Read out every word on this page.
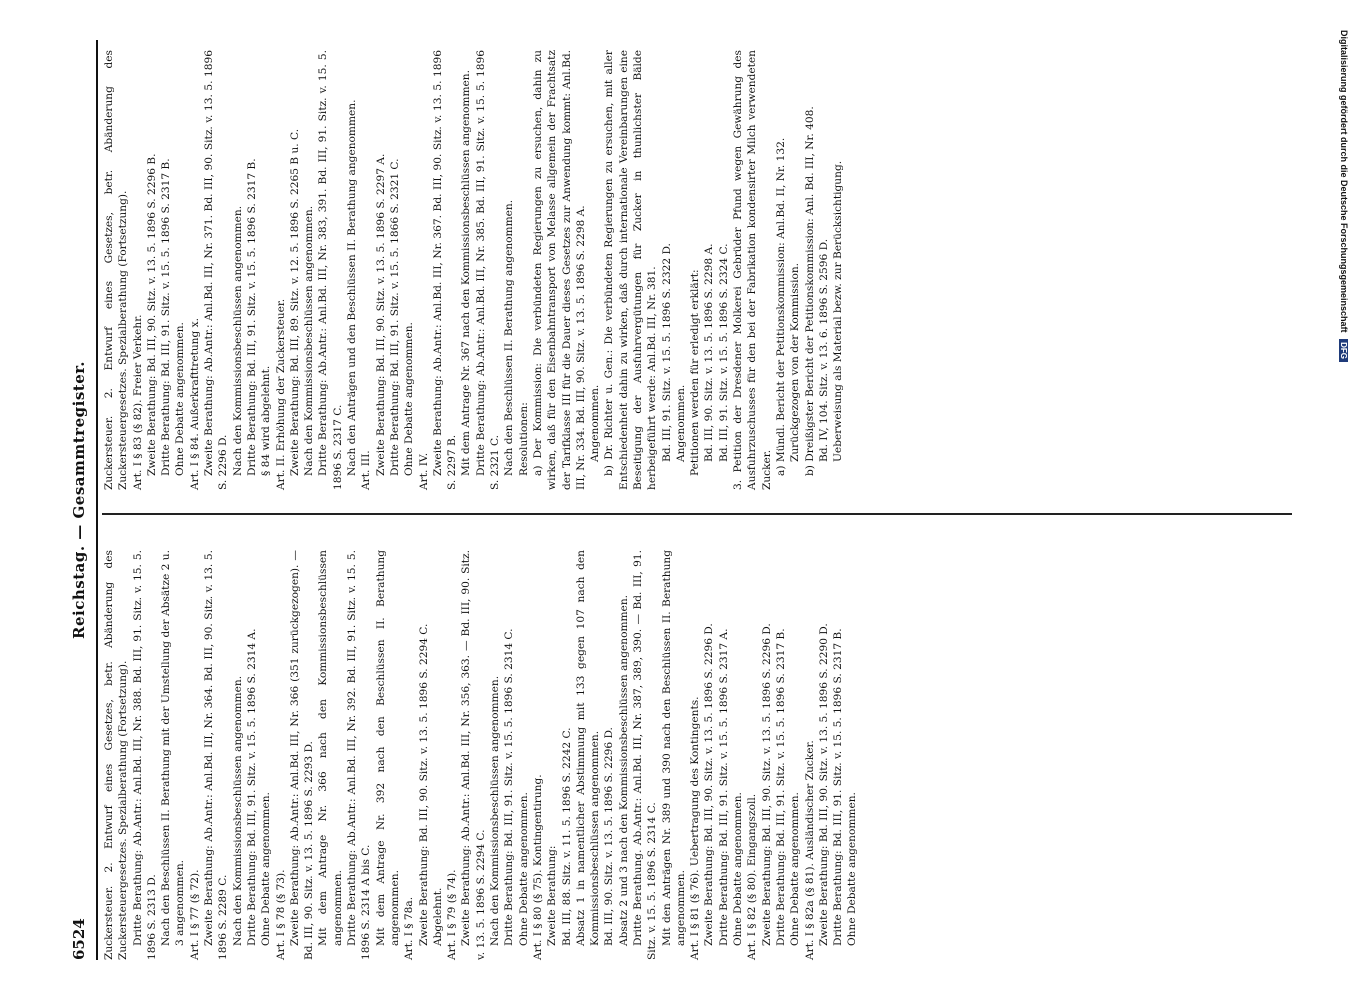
6524
Reichstag. — Gesammtregister.

Zuckersteuer. 2. Entwurf eines Gesetzes, betr. Abänderung des Zuckersteuergesetzes. Spezialberathung (Fortsetzung). Dritte Berathung: Ab.Antr.: Anl.Bd. III, Nr. 388. Bd. III, 91. Sitz. v. 15. 5. 1896 S. 2313 D. Nach den Beschlüssen II. Berathung mit der Umstellung der Absätze 2 u. 3 angenommen. Art. I § 77 (§ 72). Zweite Berathung: Ab.Antr.: Anl.Bd. III, Nr. 364. Bd. III, 90. Sitz. v. 13. 5. 1896 S. 2289 C. Nach den Kommissionsbeschlüssen angenommen. Dritte Berathung: Bd. III, 91. Sitz. v. 15. 5. 1896 S. 2314 A. Ohne Debatte angenommen. Art. I § 78 (§ 73). Zweite Berathung: Ab.Antr.: Anl.Bd. III, Nr. 366 (351 zurückgezogen). — Bd. III, 90. Sitz. v. 13. 5. 1896 S. 2293 D. Mit dem Antrage Nr. 366 nach den Kommissionsbeschlüssen angenommen. Dritte Berathung: Ab.Antr.: Anl.Bd. III, Nr. 392. Bd. III, 91. Sitz. v. 15. 5. 1896 S. 2314 A bis C. Mit dem Antrage Nr. 392 nach den Beschlüssen II. Berathung angenommen. Art. I § 78a. Zweite Berathung: Bd. III, 90. Sitz. v. 13. 5. 1896 S. 2294 C. Abgelehnt. Art. I § 79 (§ 74). Zweite Berathung: Ab.Antr.: Anl.Bd. III, Nr. 356, 363. — Bd. III, 90. Sitz. v. 13. 5. 1896 S. 2294 C. Nach den Kommissionsbeschlüssen angenommen. Dritte Berathung: Bd. III, 91. Sitz. v. 15. 5. 1896 S. 2314 C. Ohne Debatte angenommen. Art. I § 80 (§ 75). Kontingentirung. Zweite Berathung: Bd. III, 88. Sitz. v. 11. 5. 1896 S. 2242 C. Absatz 1 in namentlicher Abstimmung mit 133 gegen 107 nach den Kommissionsbeschlüssen angenommen. Bd. III, 90. Sitz. v. 13. 5. 1896 S. 2296 D. Absatz 2 und 3 nach den Kommissionsbeschlüssen angenommen. Dritte Berathung. Ab.Antr.: Anl.Bd. III, Nr. 387, 389, 390. — Bd. III, 91. Sitz. v. 15. 5. 1896 S. 2314 C. Mit den Anträgen Nr. 389 und 390 nach den Beschlüssen II. Berathung angenommen. Art. I § 81 (§ 76). Uebertragung des Kontingents. Zweite Berathung: Bd. III, 90. Sitz. v. 13. 5. 1896 S. 2296 D. Dritte Berathung: Bd. III, 91. Sitz. v. 15. 5. 1896 S. 2317 A. Ohne Debatte angenommen. Art. I § 82 (§ 80). Eingangszoll. Zweite Berathung: Bd. III, 90. Sitz. v. 13. 5. 1896 S. 2296 D. Dritte Berathung: Bd. III, 91. Sitz. v. 15. 5. 1896 S. 2317 B. Ohne Debatte angenommen. Art. I § 82a (§ 81). Ausländischer Zucker. Zweite Berathung: Bd. III, 90. Sitz. v. 13. 5. 1896 S. 2290 D. Dritte Berathung: Bd. III, 91. Sitz. v. 15. 5. 1896 S. 2317 B. Ohne Debatte angenommen.

Zuckersteuer. 2. Entwurf eines Gesetzes, betr. Abänderung des Zuckersteuergesetzes. Spezialberathung (Fortsetzung). Art. I § 83 (§ 82). Freier Verkehr. Zweite Berathung: Bd. III, 90. Sitz. v. 13. 5. 1896 S. 2296 B. Dritte Berathung: Bd. III, 91. Sitz. v. 15. 5. 1896 S. 2317 B. Ohne Debatte angenommen. Art. I § 84. Außerkrafttretung x. Zweite Berathung: Ab.Antr.: Anl.Bd. III, Nr. 371. Bd. III, 90. Sitz. v. 13. 5. 1896 S. 2296 D. Nach den Kommissionsbeschlüssen angenommen. Dritte Berathung: Bd. III, 91. Sitz. v. 15. 5. 1896 S. 2317 B. § 84 wird abgelehnt. Art. II. Erhöhung der Zuckersteuer. Zweite Berathung: Bd. III, 89. Sitz. v. 12. 5. 1896 S. 2265 B u. C. Nach den Kommissionsbeschlüssen angenommen. Dritte Berathung: Ab.Antr.: Anl.Bd. III, Nr. 383, 391. Bd. III, 91. Sitz. v. 15. 5. 1896 S. 2317 C. Nach den Anträgen und den Beschlüssen II. Berathung angenommen. Art. III. Zweite Berathung: Bd. III, 90. Sitz. v. 13. 5. 1896 S. 2297 A. Dritte Berathung: Bd. III, 91. Sitz. v. 15. 5. 1866 S. 2321 C. Ohne Debatte angenommen. Art. IV. Zweite Berathung: Ab.Antr.: Anl.Bd. III, Nr. 367. Bd. III, 90. Sitz. v. 13. 5. 1896 S. 2297 B. Mit dem Antrage Nr. 367 nach den Kommissionsbeschlüssen angenommen. Dritte Berathung: Ab.Antr.: Anl.Bd. III, Nr. 385. Bd. III, 91. Sitz. v. 15. 5. 1896 S. 2321 C. Nach den Beschlüssen II. Berathung angenommen. Resolutionen: a) Der Kommission: Die verbündeten Regierungen zu ersuchen, dahin zu wirken, daß für den Eisenbahntransport von Melasse allgemein der Frachtsatz der Tarifklasse III für die Dauer dieses Gesetzes zur Anwendung kommt: Anl.Bd. III, Nr. 334. Bd. III, 90. Sitz. v. 13. 5. 1896 S. 2298 A. Angenommen. b) Dr. Richter u. Gen.: Die verbündeten Regierungen zu ersuchen, mit aller Entschiedenheit dahin zu wirken, daß durch internationale Vereinbarungen eine Beseitigung der Ausfuhrvergütungen für Zucker in thunlichster Bälde herbeigeführt werde: Anl.Bd. III, Nr. 381. Bd. III, 91. Sitz. v. 15. 5. 1896 S. 2322 D. Angenommen. Petitionen werden für erledigt erklärt: Bd. III, 90. Sitz. v. 13. 5. 1896 S. 2298 A. Bd. III, 91. Sitz. v. 15. 5. 1896 S. 2324 C. 3. Petition der Dresdener Molkerei Gebrüder Pfund wegen Gewährung des Ausfuhrzuschusses für den bei der Fabrikation kondensirter Milch verwendeten Zucker. a) Mündl. Bericht der Petitionskommission: Anl.Bd. II, Nr. 132. Zurückgezogen von der Kommission. b) Dreißigster Bericht der Petitionskommission: Anl. Bd. III, Nr. 408. Bd. IV, 104. Sitz. v. 13. 6. 1896 S. 2596 D. Ueberweisung als Material bezw. zur Berücksichtigung.	Digitalisierung gefördert durch die Deutsche Forschungsgemeinschaft DFG
